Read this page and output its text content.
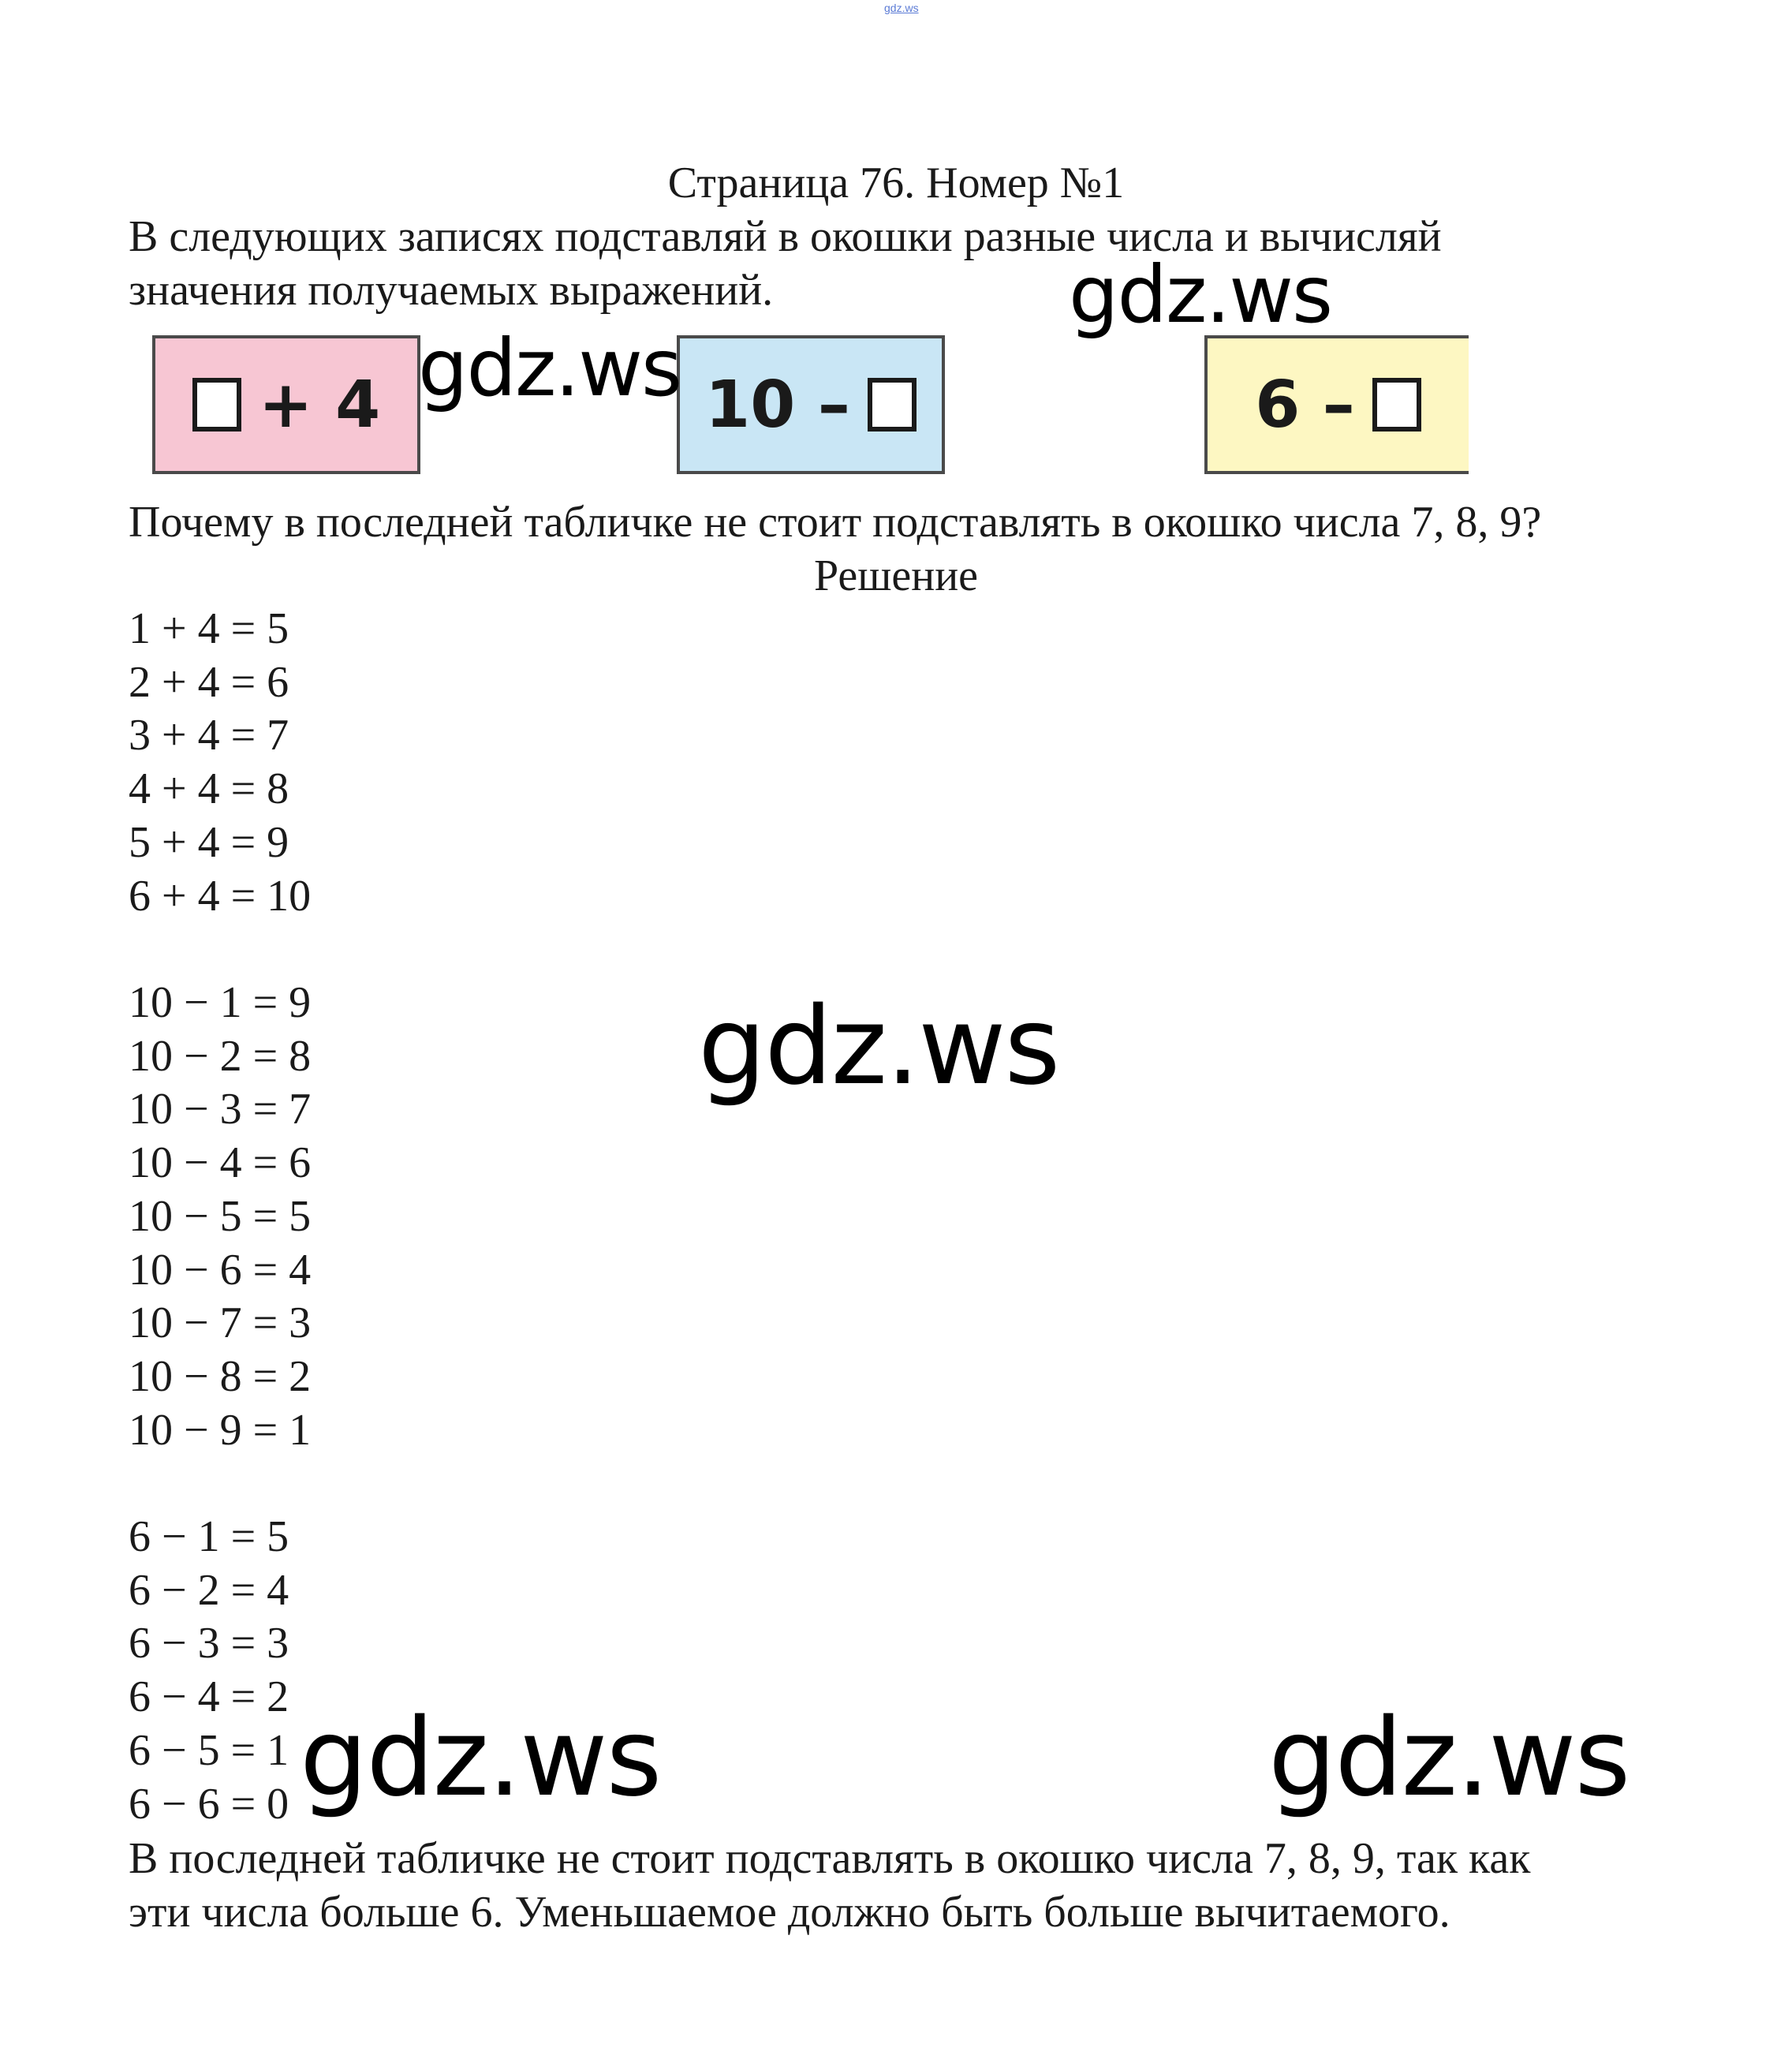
gdz.ws
Страница 76. Номер №1
В следующих записях подставляй в окошки разные числа и вычисляй
значения получаемых выражений.
+ 4	10 –	6 –
Почему в последней табличке не стоит подставлять в окошко числа 7, 8, 9?
Решение
1 + 4 = 5
2 + 4 = 6
3 + 4 = 7
4 + 4 = 8
5 + 4 = 9
6 + 4 = 10
10 − 1 = 9
10 − 2 = 8
10 − 3 = 7
10 − 4 = 6
10 − 5 = 5
10 − 6 = 4
10 − 7 = 3
10 − 8 = 2
10 − 9 = 1
6 − 1 = 5
6 − 2 = 4
6 − 3 = 3
6 − 4 = 2
6 − 5 = 1
6 − 6 = 0
В последней табличке не стоит подставлять в окошко числа 7, 8, 9, так как
эти числа больше 6. Уменьшаемое должно быть больше вычитаемого.
gdz.ws
gdz.ws
gdz.ws
gdz.ws	gdz.ws
